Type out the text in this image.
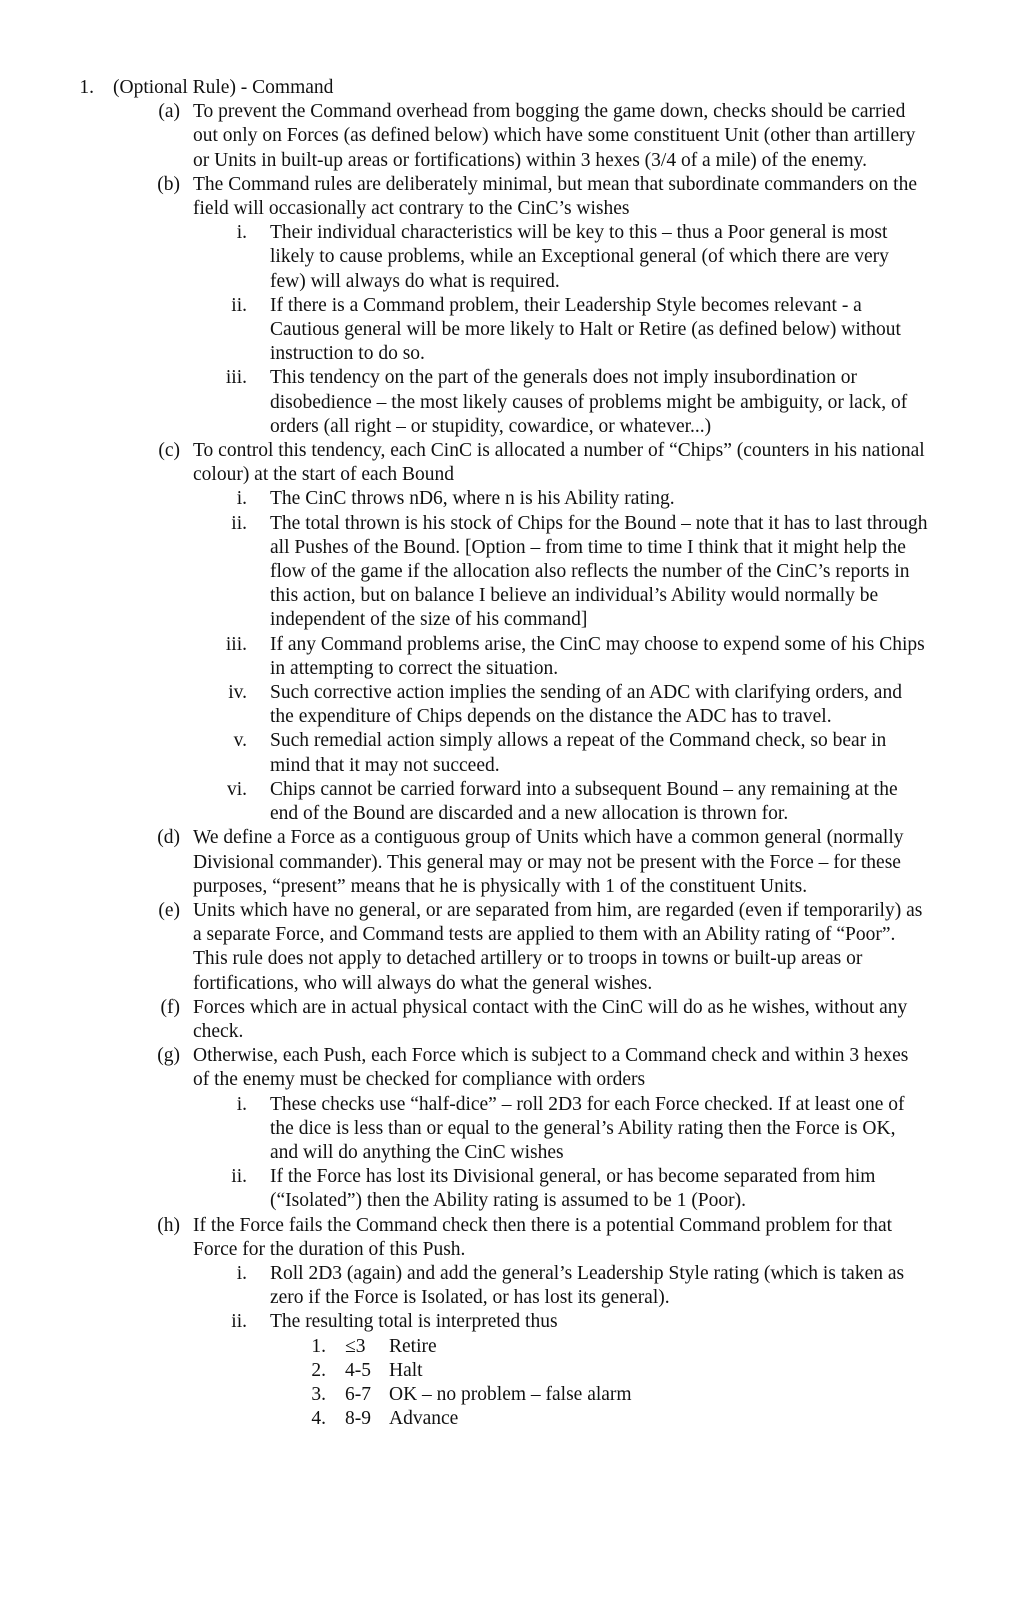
1. (Optional Rule) - Command
(a) To prevent the Command overhead from bogging the game down, checks should be carried out only on Forces (as defined below) which have some constituent Unit (other than artillery or Units in built-up areas or fortifications) within 3 hexes (3/4 of a mile) of the enemy.
(b) The Command rules are deliberately minimal, but mean that subordinate commanders on the field will occasionally act contrary to the CinC’s wishes
i. Their individual characteristics will be key to this – thus a Poor general is most likely to cause problems, while an Exceptional general (of which there are very few) will always do what is required.
ii. If there is a Command problem, their Leadership Style becomes relevant - a Cautious general will be more likely to Halt or Retire (as defined below) without instruction to do so.
iii. This tendency on the part of the generals does not imply insubordination or disobedience – the most likely causes of problems might be ambiguity, or lack, of orders (all right – or stupidity, cowardice, or whatever...)
(c) To control this tendency, each CinC is allocated a number of “Chips” (counters in his national colour) at the start of each Bound
i. The CinC throws nD6, where n is his Ability rating.
ii. The total thrown is his stock of Chips for the Bound – note that it has to last through all Pushes of the Bound. [Option – from time to time I think that it might help the flow of the game if the allocation also reflects the number of the CinC’s reports in this action, but on balance I believe an individual’s Ability would normally be independent of the size of his command]
iii. If any Command problems arise, the CinC may choose to expend some of his Chips in attempting to correct the situation.
iv. Such corrective action implies the sending of an ADC with clarifying orders, and the expenditure of Chips depends on the distance the ADC has to travel.
v. Such remedial action simply allows a repeat of the Command check, so bear in mind that it may not succeed.
vi. Chips cannot be carried forward into a subsequent Bound – any remaining at the end of the Bound are discarded and a new allocation is thrown for.
(d) We define a Force as a contiguous group of Units which have a common general (normally Divisional commander). This general may or may not be present with the Force – for these purposes, “present” means that he is physically with 1 of the constituent Units.
(e) Units which have no general, or are separated from him, are regarded (even if temporarily) as a separate Force, and Command tests are applied to them with an Ability rating of “Poor”. This rule does not apply to detached artillery or to troops in towns or built-up areas or fortifications, who will always do what the general wishes.
(f) Forces which are in actual physical contact with the CinC will do as he wishes, without any check.
(g) Otherwise, each Push, each Force which is subject to a Command check and within 3 hexes of the enemy must be checked for compliance with orders
i. These checks use “half-dice” – roll 2D3 for each Force checked. If at least one of the dice is less than or equal to the general’s Ability rating then the Force is OK, and will do anything the CinC wishes
ii. If the Force has lost its Divisional general, or has become separated from him (“Isolated”) then the Ability rating is assumed to be 1 (Poor).
(h) If the Force fails the Command check then there is a potential Command problem for that Force for the duration of this Push.
i. Roll 2D3 (again) and add the general’s Leadership Style rating (which is taken as zero if the Force is Isolated, or has lost its general).
ii. The resulting total is interpreted thus
1. ≤3 Retire
2. 4-5 Halt
3. 6-7 OK – no problem – false alarm
4. 8-9 Advance
